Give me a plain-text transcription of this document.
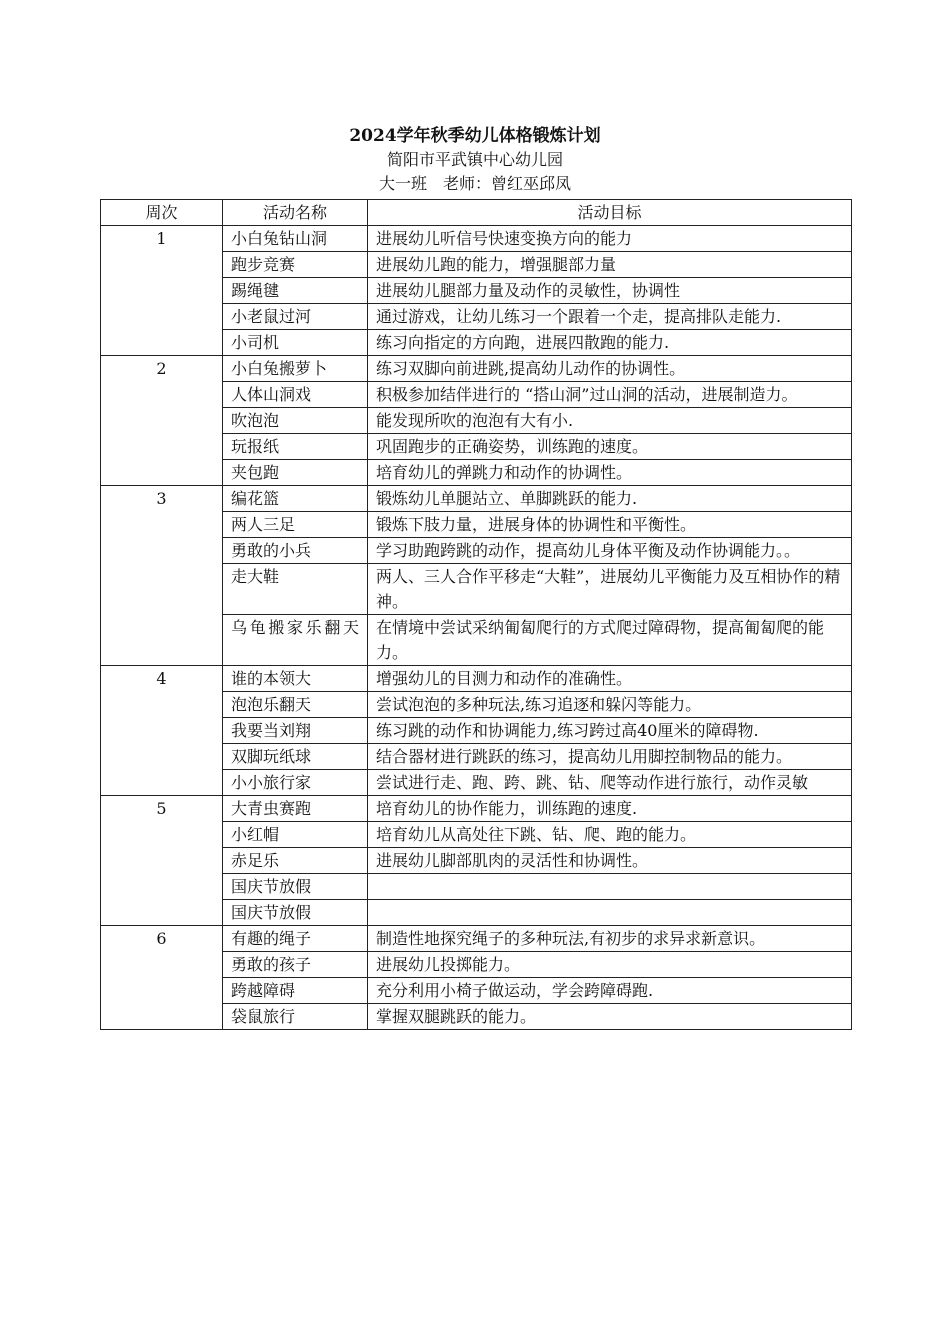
2024学年秋季幼儿体格锻炼计划
简阳市平武镇中心幼儿园
大一班　老师：曾红巫邱凤
周次	活动名称	活动目标
1	小白兔钻山洞	进展幼儿听信号快速变换方向的能力
	跑步竞赛	进展幼儿跑的能力，增强腿部力量
	踢绳毽	进展幼儿腿部力量及动作的灵敏性，协调性
	小老鼠过河	通过游戏，让幼儿练习一个跟着一个走，提高排队走能力.
	小司机	练习向指定的方向跑，进展四散跑的能力.
2	小白兔搬萝卜	练习双脚向前进跳,提高幼儿动作的协调性。
	人体山洞戏	积极参加结伴进行的 “搭山洞”过山洞的活动，进展制造力。
	吹泡泡	能发现所吹的泡泡有大有小.
	玩报纸	巩固跑步的正确姿势，训练跑的速度。
	夹包跑	培育幼儿的弹跳力和动作的协调性。
3	编花篮	锻炼幼儿单腿站立、单脚跳跃的能力.
	两人三足	锻炼下肢力量，进展身体的协调性和平衡性。
	勇敢的小兵	学习助跑跨跳的动作，提高幼儿身体平衡及动作协调能力。。
	走大鞋	两人、三人合作平移走“大鞋”，进展幼儿平衡能力及互相协作的精神。
	乌龟搬家乐翻天	在情境中尝试采纳匍匐爬行的方式爬过障碍物，提高匍匐爬的能力。
4	谁的本领大	增强幼儿的目测力和动作的准确性。
	泡泡乐翻天	尝试泡泡的多种玩法,练习追逐和躲闪等能力。
	我要当刘翔	练习跳的动作和协调能力,练习跨过高40厘米的障碍物.
	双脚玩纸球	结合器材进行跳跃的练习，提高幼儿用脚控制物品的能力。
	小小旅行家	尝试进行走、跑、跨、跳、钻、爬等动作进行旅行，动作灵敏
5	大青虫赛跑	培育幼儿的协作能力，训练跑的速度.
	小红帽	培育幼儿从高处往下跳、钻、爬、跑的能力。
	赤足乐	进展幼儿脚部肌肉的灵活性和协调性。
	国庆节放假	
	国庆节放假	
6	有趣的绳子	制造性地探究绳子的多种玩法,有初步的求异求新意识。
	勇敢的孩子	进展幼儿投掷能力。
	跨越障碍	充分利用小椅子做运动，学会跨障碍跑.
	袋鼠旅行	掌握双腿跳跃的能力。
